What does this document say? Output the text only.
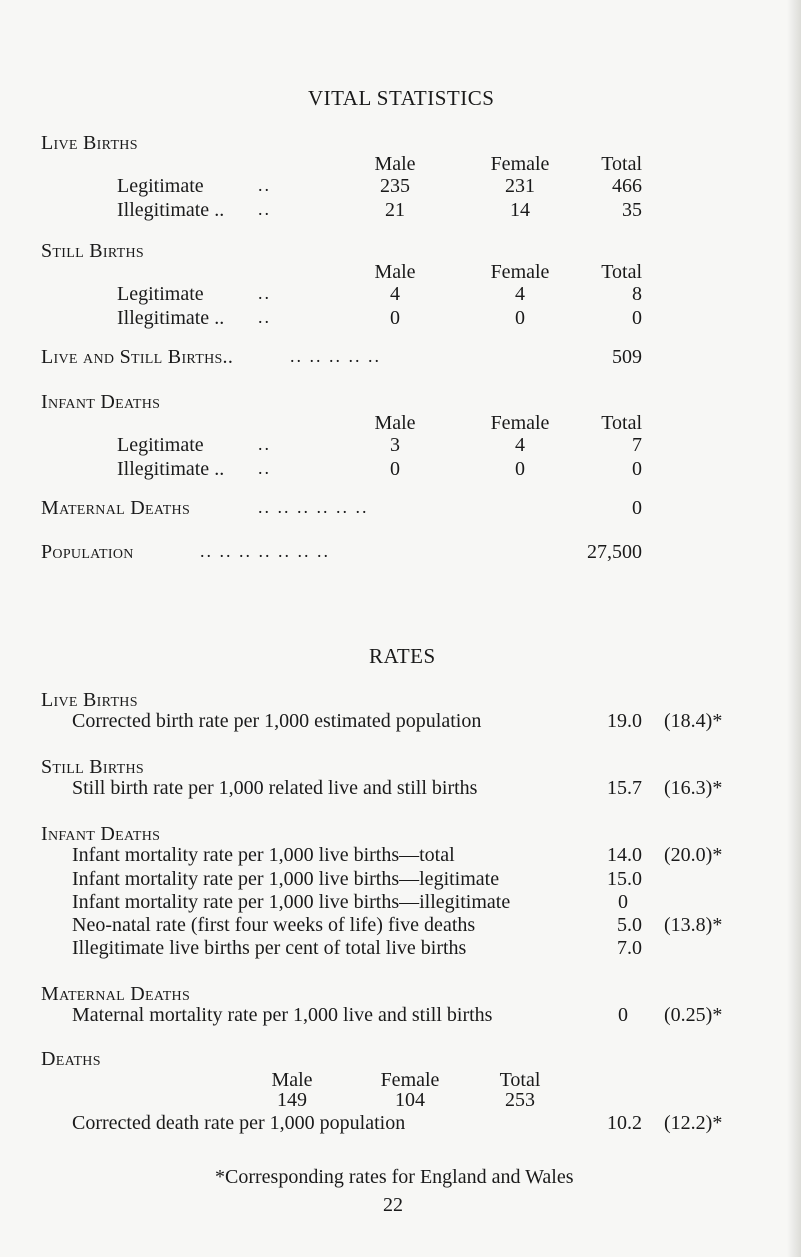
VITAL STATISTICS
Live Births
Male	Female	Total
Legitimate	..	235	231	466
Illegitimate .. ..	21	14	35
Still Births
Male	Female	Total
Legitimate	..	4	4	8
Illegitimate .. ..	0	0	0
Live and Still Births..	.. .. .. .. ..	509
Infant Deaths
Male	Female	Total
Legitimate	..	3	4	7
Illegitimate .. ..	0	0	0
Maternal Deaths	.. .. .. .. .. ..	0
Population	.. .. .. .. .. .. ..	27,500
RATES
Live Births
Corrected birth rate per 1,000 estimated population	19.0 (18.4)*
Still Births
Still birth rate per 1,000 related live and still births	15.7 (16.3)*
Infant Deaths
Infant mortality rate per 1,000 live births—total	14.0 (20.0)*
Infant mortality rate per 1,000 live births—legitimate	15.0
Infant mortality rate per 1,000 live births—illegitimate	0
Neo-natal rate (first four weeks of life) five deaths	5.0 (13.8)*
Illegitimate live births per cent of total live births	7.0
Maternal Deaths
Maternal mortality rate per 1,000 live and still births	0 (0.25)*
Deaths
Male	Female	Total
149	104	253
Corrected death rate per 1,000 population	10.2 (12.2)*
*Corresponding rates for England and Wales
22
